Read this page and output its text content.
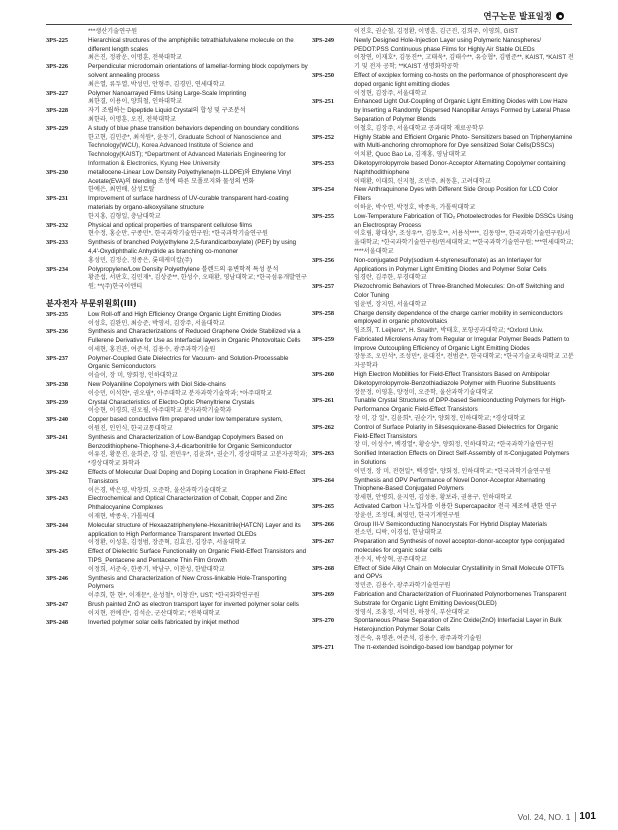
연구논문 발표일정
***생산기술연구원
3PS-225	Hierarchical structures of the amphiphilic tetrathiafulvalene molecule on the different length scales
최은진, 정광운, 이명훈, 전북대학교
3PS-226	Perpendicular microdomain orientations of lamellar-forming block copolymers by solvent annealing process
최은열, 류두열, 박성민, 안형주, 김경민, 연세대학교
3PS-227	Polymer Nanoarrayed Films Using Large-Scale Imprinting
최한결, 이용이, 양희철, 인하대학교
3PS-228	자기 조립하는 Dipeptide Liquid Crystal의 합성 및 구조분석
최한라, 이명훈, 오진, 전북대학교
3PS-229	A study of blue phase transition behaviors depending on boundary conditions
한고현, 김민준*, 최석원*, 윤동기, Graduate School of Nanoscience and Technology(WCU), Korea Advanced Institute of Science and Technology(KAIST); *Department of Advanced Materials Engineering for Information & Electronics, Kyung Hee University
3PS-230	metallocene-Linear Low Density Polyethylene(m-LLDPE)와 Ethylene Vinyl Acetate(EVA)의 blending 조성에 따른 모폴로지와 물성의 변화
한예은, 최연배, 삼성토탈
3PS-231	Improvement of surface hardness of UV-curable transparent hard-coating materials by organo-alkoxysilane structure
한지홍, 김형일, 충남대학교
3PS-232	Physical and optical properties of transparent cellulose films
현수정, 홍순만, 구종민*, 한국과학기술연구원; *한국과학기술연구원
3PS-233	Synthesis of branched Poly(ethylene 2,5-furandicarboxylate) (PEF) by using 4,4'-Oxydiphthalic Anhydride as branching co-mononer
홍성민, 김정순, 정종은, 롯데케미칼(주)
3PS-234	Polypropylene/Low Density Polyethylene 블렌드의 유변학적 특성 분석
황준섭, 서판호, 김민재*, 김상준**, 한성수, 오태환, 영남대학교; *한국섬유개발연구원; **(주)한국이엔티
분자전자 부문위원회(III)
3PS-235	Low Roll-off and High Efficiency Orange Organic Light Emitting Diodes
이성호, 김완민, 최승준, 박영서, 김장주, 서울대학교
3PS-236	Synthesis and Characterizations of Reduced Graphene Oxide Stabilized via a Fullerene Derivative for Use as Interfacial layers in Organic Photovoltaic Cells
이세현, 홍진관, 여준석, 김용수, 광주과학기술원
3PS-237	Polymer-Coupled Gate Dielectrics for Vacuum- and Solution-Processable Organic Semiconductors
이슬이, 장 미, 양회정, 인하대학교
3PS-238	New Polyaniline Copolymers with Diol Side-chains
이승민, 이석현*, 권오필*, 아주대학교 분자과학기술학과; *아주대학교
3PS-239	Crystal Characteristics of Electro-Optic Phenyltriene Crystals
이승현, 이경희, 권오필, 아주대학교 분자과학기술학과
3PS-240	Copper based conductive film prepared under low temperature system,
이원진, 인인식, 한국교통대학교
3PS-241	Synthesis and Characterization of Low-Bandgap Copolymers Based on Benzodithiophene-Thiophene-3,4-dicarbonitrile for Organic Semiconductor
이유진, 황문진, 윤희준, 강 일, 전민우*, 김윤희*, 권순기, 경상대학교 고분자공학과; *경상대학교 화학과
3PS-242	Effects of Molecular Dual Doping and Doping Location in Graphene Field-Effect Transistors
이은경, 박은영, 박창희, 오준학, 울산과학기술대학교
3PS-243	Electrochemical and Optical Characterization of Cobalt, Copper and Zinc Phthalocyanine Complexes
이재현, 박종욱, 가톨릭대
3PS-244	Molecular structure of Hexaazatriphenylene-Hexanitrile(HATCN) Layer and its application to High Performance Transparent Inverted OLEDs
이정환, 이성훈, 김정범, 장준혁, 김효진, 김장주, 서울대학교
3PS-245	Effect of Dielectric Surface Functionality on Organic Field-Effect Transistors and TIPS_Pentacene and Pentacene Thin Film Growth
이정희, 서준숙, 한종기, 박남구, 이찬성, 한밭대학교
3PS-246	Synthesis and Characterization of New Cross-linkable Hole-Transporting Polymers
이주희, 한 현*, 이재문*, 윤성철*, 이창진*, UST; *한국화학연구원
3PS-247	Brush painted ZnO as electron transport layer for inverted polymer solar cells
이지현, 전예진*, 김석순, 군산대학교; *전북대학교
3PS-248	Inverted polymer solar cells fabricated by inkjet method
이진호, 권순철, 김정환, 이명훈, 김근진, 김희주, 이영희, GIST
3PS-249	Newly Designed Hole-Injection Layer using Polymeric Nanospheres/ PEDOT:PSS Continuous phase Films for Highly Air Stable OLEDs
이창연, 이재호*, 김동진**, 고태욱*, 김태수**, 유승협*, 김범준**, KAIST, *KAIST 전기 및 전자 공학; **KAIST 생명화학공학
3PS-250	Effect of exciplex forming co-hosts on the performance of phosphorescent dye doped organic light emitting diodes
이정현, 김장주, 서울대학교
3PS-251	Enhanced Light Out-Coupling of Organic Light Emitting Diodes with Low Haze by Inserting a Randomly Dispersed Nanopillar Arrays Formed by Lateral Phase Separation of Polymer Blends
이철호, 김장주, 서울대학교 공과대학 재료공학부
3PS-252	Highly Stable and Efficient Organic Photo- Sensitizers based on Triphenylamine with Multi-anchoring chromophore for Dye sensitized Solar Cells(DSSCs)
이치환, Quoc Bao Le, 김재홍, 영남대학교
3PS-253	Diketopyrrolopyrrole based Donor-Acceptor Alternating Copolymer containing Naphthodithiophene
이태환, 이대희, 신지철, 조민주, 최동훈, 고려대학교
3PS-254	New Anthraquinone Dyes with Different Side Group Position for LCD Color Filters
이하윤, 박수연, 박정호, 박종욱, 가톨릭대학교
3PS-255	Low-Temperature Fabrication of TiO₂ Photoelectrodes for Flexible DSSCs Using an Electrospray Process
이호림, 황대성*, 조성우**, 김동호**, 서용석****, 김동영**, 한국과학기술연구원/서울대학교; *한국과학기술연구원/연세대학교; **한국과학기술연구원; ***연세대학교; ****서울대학교
3PS-256	Non-conjugated Poly(sodium 4-styrenesulfonate) as an Interlayer for Applications in Polymer Light Emitting Diodes and Polymer Solar Cells
임경란, 김주한, 부경대학교
3PS-257	Piezochromic Behaviors of Three-Branched Molecules: On-off Switching and Color Tuning
임윤빈, 장지연, 서울대학교
3PS-258	Charge density dependence of the charge carrier mobility in semiconductors employed in organic photovoltaics
임조희, T. Leijtens*, H. Snaith*, 박태호, 포항공과대학교; *Oxford Univ.
3PS-259	Fabricated Microlens Array from Regular or Irregular Polymer Beads Pattern to Improve Outcoupling Efficiency of Organic Light Emitting Diodes
장동조, 오민석*, 조성민*, 윤대진*, 전범준*, 한국대학교; *한국기술교육대학교 고분자공학과
3PS-260	High Electron Mobilities for Field-Effect Transistors Based on Ambipolar Diketopyrrolopyrrole-Benzothiadiazole Polymer with Fluorine Substituents
장문정, 이영훈, 양정미, 오준학, 울산과학기술대학교
3PS-261	Tunable Crystal Structures of DPP-based Semiconducting Polymers for High-Performance Organic Field-Effect Transistors
장 미, 강 일*, 김윤희*, 권순기*, 양회정, 인하대학교; *경상대학교
3PS-262	Control of Surface Polarity in Silsesquioxane-Based Dielectrics for Organic Field-Effect Transistors
장 미, 이성수*, 백경열*, 황승상*, 양회정, 인하대학교; *한국과학기술연구원
3PS-263	Sonified Interaction Effects on Direct Self-Assembly of π-Conjugated Polymers in Solutions
이민정, 장 미, 전현일*, 백경열*, 양회정, 인하대학교; *한국과학기술연구원
3PS-264	Synthesis and OPV Performance of Novel Donor-Acceptor Alternating Thiophene-Based Conjugated Polymers
장세현, 안병희, 윤지연, 김성용, 황보라, 권용구, 인하대학교
3PS-265	Activated Carbon 나노입자를 이용한 Supercapacitor 전극 제조에 관한 연구
장윤선, 조정대, 최영민, 한국기계연구원
3PS-266	Group III-V Semiconducting Nanocrystals For Hybrid Display Materials
전소민, 디락, 이경섭, 한남대학교
3PS-267	Preparation and Synthesis of novel acceptor-donor-acceptor type conjugated molecules for organic solar cells
전수지, 박상혁, 공주대학교
3PS-268	Effect of Side Alkyl Chain on Molecular Crystallinity in Small Molecule OTFTs and OPVs
정민준, 김용수, 광주과학기술연구원
3PS-269	Fabrication and Characterization of Fluorinated Polynorbornenes Transparent Substrate for Organic Light Emitting Devices(OLED)
정영식, 조홍정, 서덕진, 하창식, 부산대학교
3PS-270	Spontaneous Phase Separation of Zinc Oxide(ZnO) Interfacial Layer in Bulk Heterojunction Polymer Solar Cells
정은숙, 유명관, 여준석, 김용수, 광주과학기술원
3PS-271	The π-extended isoindigo-based low bandgap polymer for
Vol. 24, NO. 1 101
